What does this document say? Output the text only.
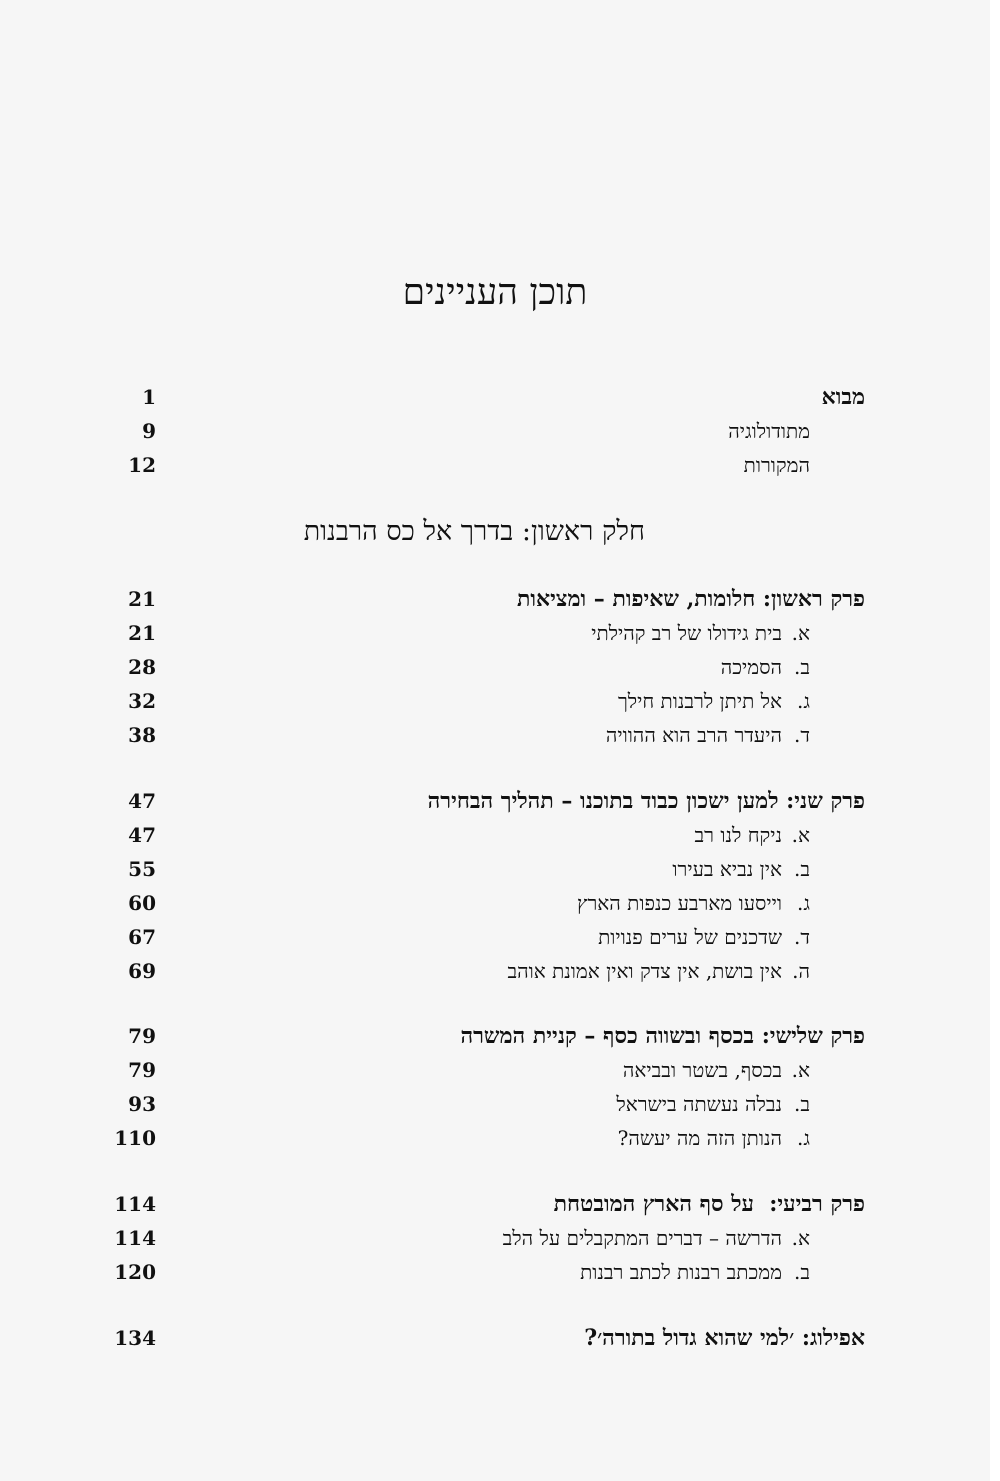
תוכן העניינים
מבוא
1
מתודולוגיה
9
המקורות
12
חלק ראשון: בדרך אל כס הרבנות
פרק ראשון: חלומות, שאיפות – ומציאות
21
א.בית גידולו של רב קהילתי
21
ב.הסמיכה
28
ג.אל תיתן לרבנות חילך
32
ד.היעדר הרב הוא ההוויה
38
פרק שני: למען ישכון כבוד בתוכנו – תהליך הבחירה
47
א.ניקח לנו רב
47
ב.אין נביא בעירו
55
ג.וייסעו מארבע כנפות הארץ
60
ד.שדכנים של ערים פנויות
67
ה.אין בושת, אין צדק ואין אמונת אוהב
69
פרק שלישי: בכסף ובשווה כסף – קניית המשרה
79
א.בכסף, בשטר ובביאה
79
ב.נבלה נעשתה בישראל
93
ג.הנותן הזה מה יעשה?
110
פרק רביעי:  על סף הארץ המובטחת
114
א.הדרשה – דברים המתקבלים על הלב
114
ב.ממכתב רבנות לכתב רבנות
120
אפילוג: ׳למי שהוא גדול בתורה׳?
134
